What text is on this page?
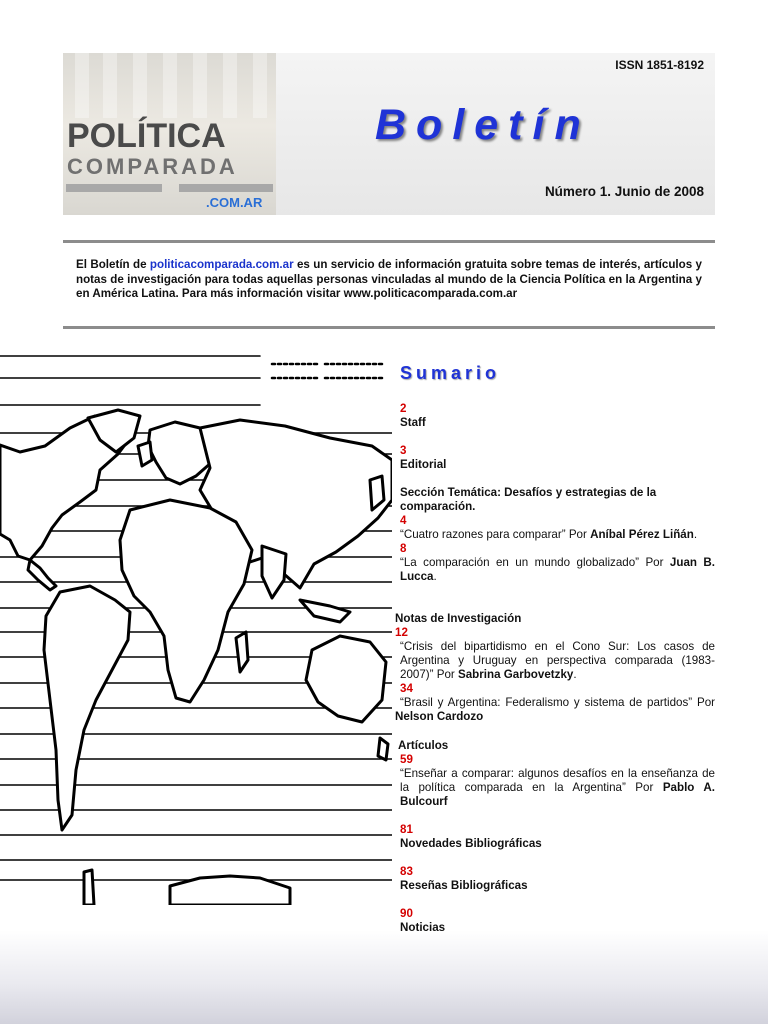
POLÍTICA
COMPARADA
.COM.AR
ISSN 1851-8192
Boletín
Número 1. Junio de 2008
El Boletín de politicacomparada.com.ar es un servicio de información gratuita sobre temas de interés, artículos y notas de investigación para todas aquellas personas vinculadas al mundo de la Ciencia Política en la Argentina y en América Latina. Para más información visitar www.politicacomparada.com.ar
Sumario
2
Staff
3
Editorial
Sección Temática: Desafíos y estrategias de la comparación.
4
“Cuatro razones para comparar” Por Aníbal Pérez Liñán.
8
“La comparación en un mundo globalizado” Por Juan B. Lucca.
Notas de Investigación
12
“Crisis del bipartidismo en el Cono Sur: Los casos de Argentina y Uruguay en perspectiva comparada (1983-2007)” Por Sabrina Garbovetzky.
34
“Brasil y Argentina: Federalismo y sistema de partidos” Por Nelson Cardozo
Artículos
59
“Enseñar a comparar: algunos desafíos en la enseñanza de la política comparada en la Argentina” Por Pablo A. Bulcourf
81
Novedades Bibliográficas
83
Reseñas Bibliográficas
90
Noticias
